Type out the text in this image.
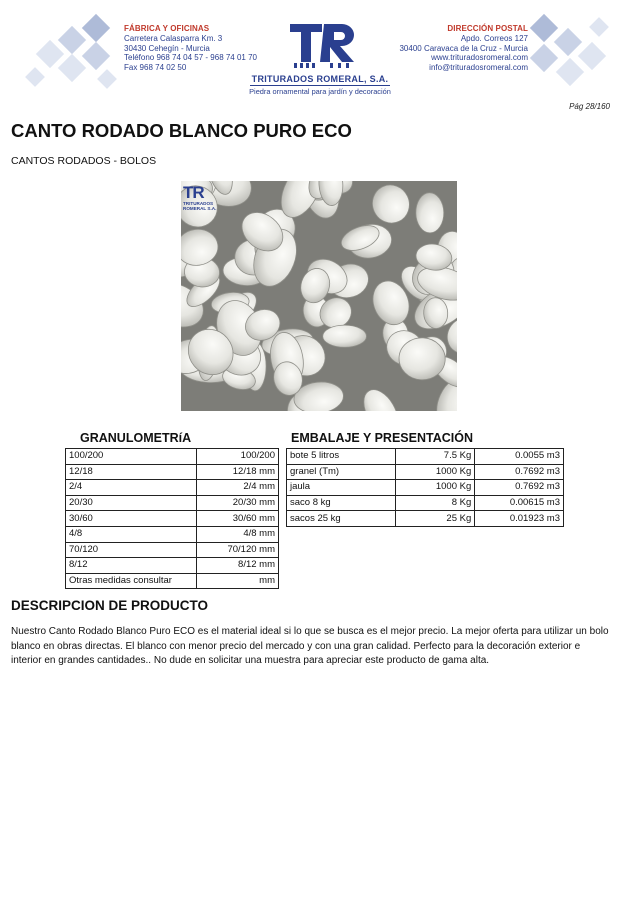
FÁBRICA Y OFICINAS
Carretera Calasparra Km. 3
30430 Cehegín - Murcia
Teléfono 968 74 04 57 - 968 74 01 70
Fax 968 74 02 50
TRITURADOS ROMERAL, S.A.
Piedra ornamental para jardín y decoración
DIRECCIÓN POSTAL
Apdo. Correos 127
30400 Caravaca de la Cruz - Murcia
www.trituradosromeral.com
info@trituradosromeral.com
Pág 28/160
CANTO RODADO BLANCO PURO ECO
CANTOS RODADOS - BOLOS
TR
TRITURADOS
ROMERAL S.A.
GRANULOMETRíA
100/200	100/200
12/18	12/18 mm
2/4	2/4 mm
20/30	20/30 mm
30/60	30/60 mm
4/8	4/8 mm
70/120	70/120 mm
8/12	8/12 mm
Otras medidas consultar	mm
EMBALAJE Y PRESENTACIÓN
bote 5 litros	7.5 Kg	0.0055 m3
granel (Tm)	1000 Kg	0.7692 m3
jaula	1000 Kg	0.7692 m3
saco 8 kg	8 Kg	0.00615 m3
sacos 25 kg	25 Kg	0.01923 m3
DESCRIPCION DE PRODUCTO
Nuestro Canto Rodado Blanco Puro ECO es el material ideal si lo que se busca es el mejor precio. La mejor oferta para utilizar un bolo blanco en obras directas. El blanco con menor precio del mercado y con una gran calidad. Perfecto para la decoración exterior e interior en grandes cantidades.. No dude en solicitar una muestra para apreciar este producto de gama alta.
